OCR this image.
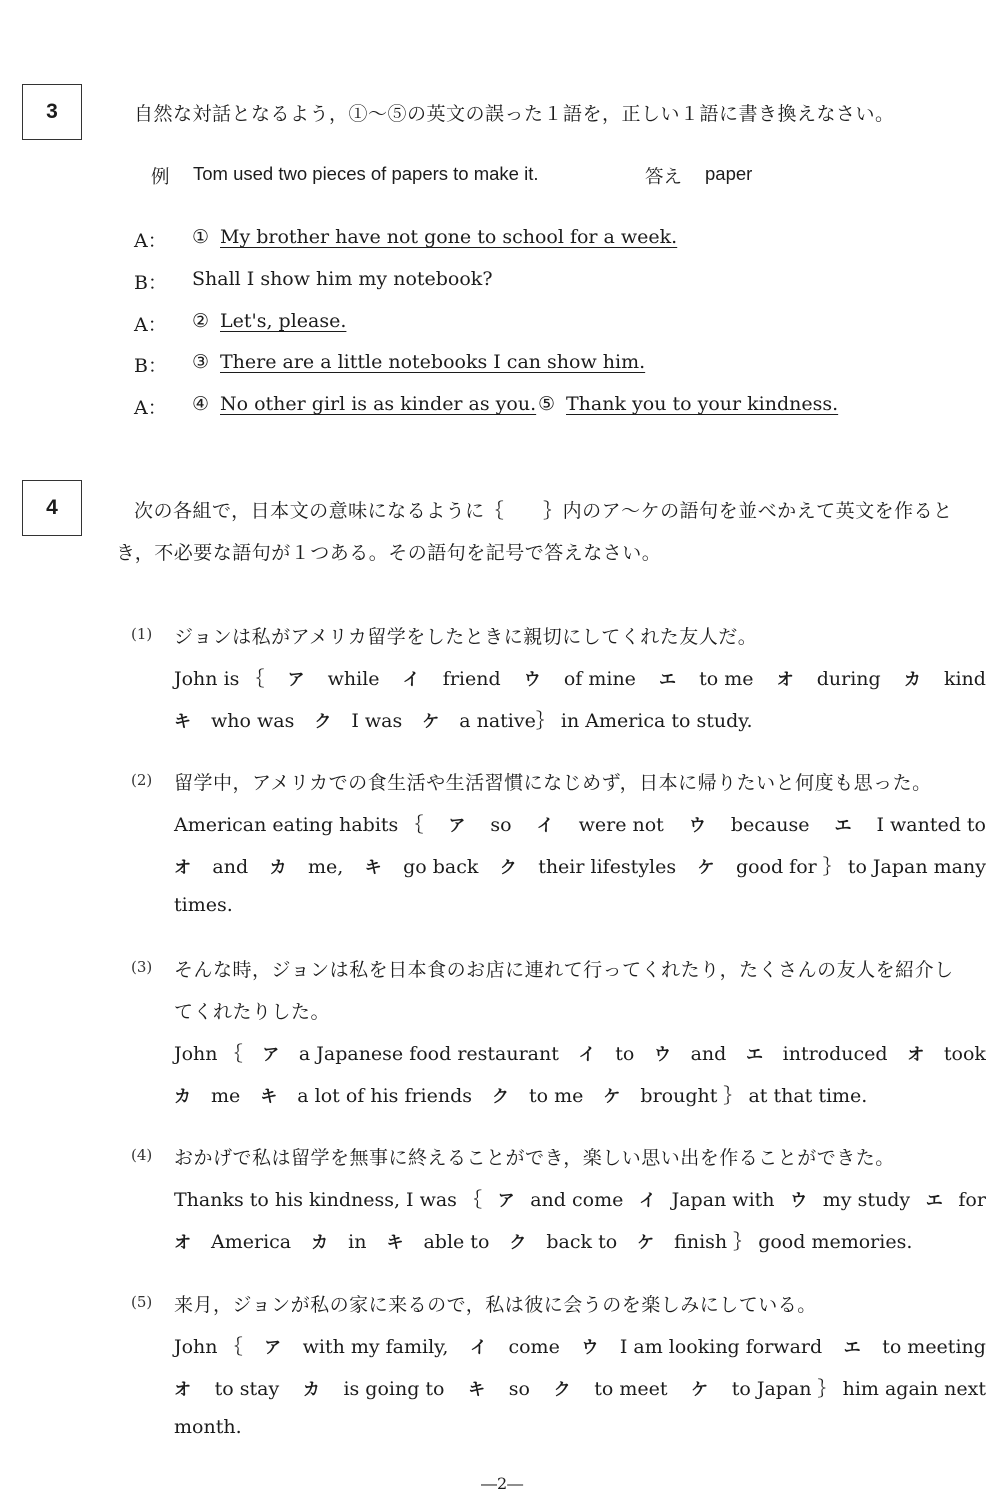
3	自然な対話となるよう，①～⑤の英文の誤った１語を，正しい１語に書き換えなさい。
例 Tom used two pieces of papers to make it.	答え paper
A： ① My brother have not gone to school for a week.
B： Shall I show him my notebook?
A： ② Let's, please.
B： ③ There are a little notebooks I can show him.
A： ④ No other girl is as kinder as you. ⑤ Thank you to your kindness.
4	次の各組で，日本文の意味になるように｛　　｝内のア～ケの語句を並べかえて英文を作ると
き，不必要な語句が１つある。その語句を記号で答えなさい。
(1) ジョンは私がアメリカ留学をしたときに親切にしてくれた友人だ。
John is ｛ ア while イ friend ウ of mine エ to me オ during カ kind
キ who was ク I was ケ a native｝ in America to study.
(2) 留学中，アメリカでの食生活や生活習慣になじめず，日本に帰りたいと何度も思った。
American eating habits ｛ ア so イ were not ウ because エ I wanted to
オ and カ me, キ go back ク their lifestyles ケ good for ｝ to Japan many
times.
(3) そんな時，ジョンは私を日本食のお店に連れて行ってくれたり，たくさんの友人を紹介し
てくれたりした。
John ｛ ア a Japanese food restaurant イ to ウ and エ introduced オ took
カ me キ a lot of his friends ク to me ケ brought ｝ at that time.
(4) おかげで私は留学を無事に終えることができ，楽しい思い出を作ることができた。
Thanks to his kindness, I was ｛ ア and come イ Japan with ウ my study エ for
オ America カ in キ able to ク back to ケ finish ｝ good memories.
(5) 来月，ジョンが私の家に来るので，私は彼に会うのを楽しみにしている。
John ｛ ア with my family, イ come ウ I am looking forward エ to meeting
オ to stay カ is going to キ so ク to meet ケ to Japan ｝ him again next
month.
―2―
